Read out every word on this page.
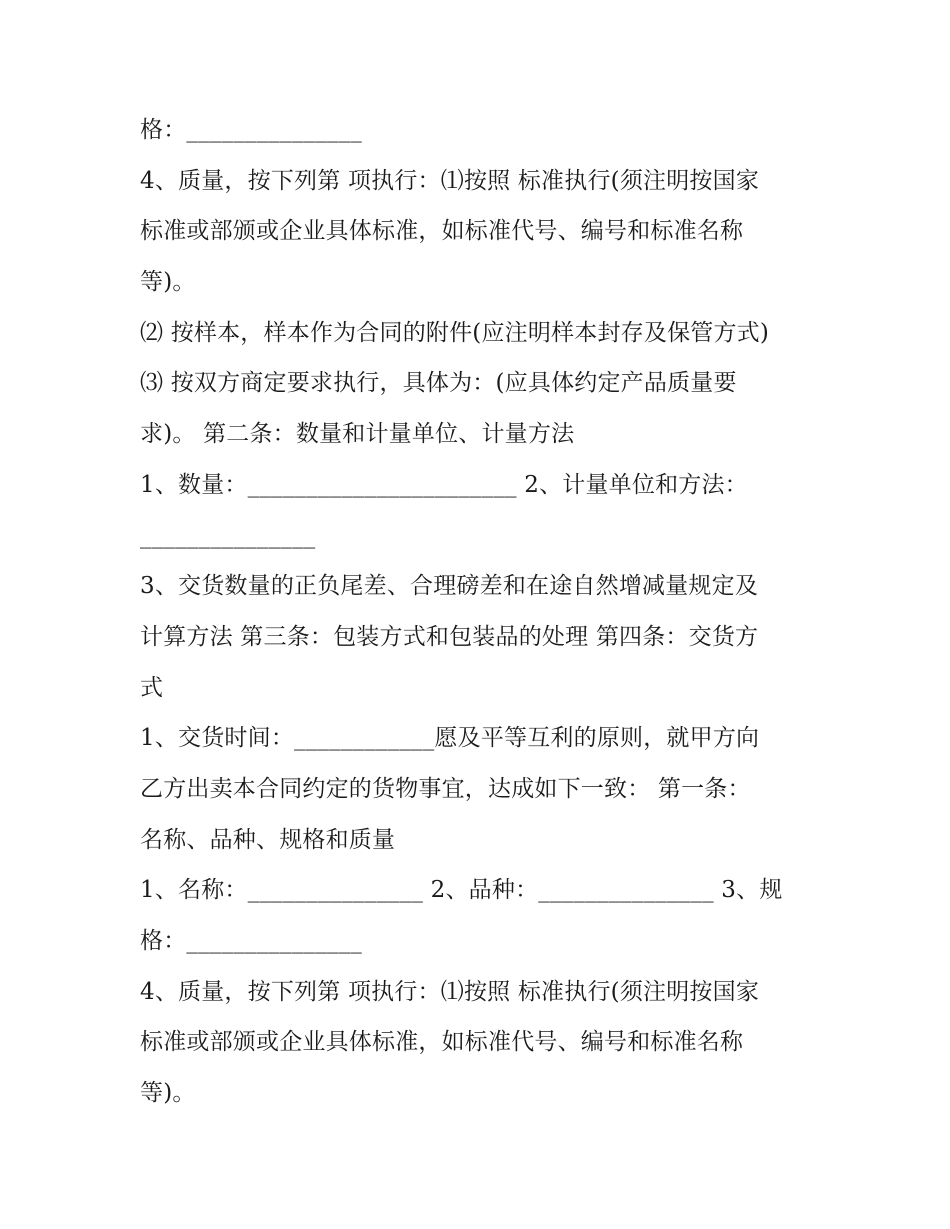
格：_______________
4、质量，按下列第 项执行：⑴按照 标准执行(须注明按国家
标准或部颁或企业具体标准，如标准代号、编号和标准名称
等)。
⑵ 按样本，样本作为合同的附件(应注明样本封存及保管方式)
⑶ 按双方商定要求执行，具体为：(应具体约定产品质量要
求)。 第二条：数量和计量单位、计量方法
1、数量：_______________________ 2、计量单位和方法：
_______________
3、交货数量的正负尾差、合理磅差和在途自然增减量规定及
计算方法 第三条：包装方式和包装品的处理 第四条：交货方
式
1、交货时间：____________愿及平等互利的原则，就甲方向
乙方出卖本合同约定的货物事宜，达成如下一致： 第一条：
名称、品种、规格和质量
1、名称：_______________ 2、品种：_______________ 3、规
格：_______________
4、质量，按下列第 项执行：⑴按照 标准执行(须注明按国家
标准或部颁或企业具体标准，如标准代号、编号和标准名称
等)。
